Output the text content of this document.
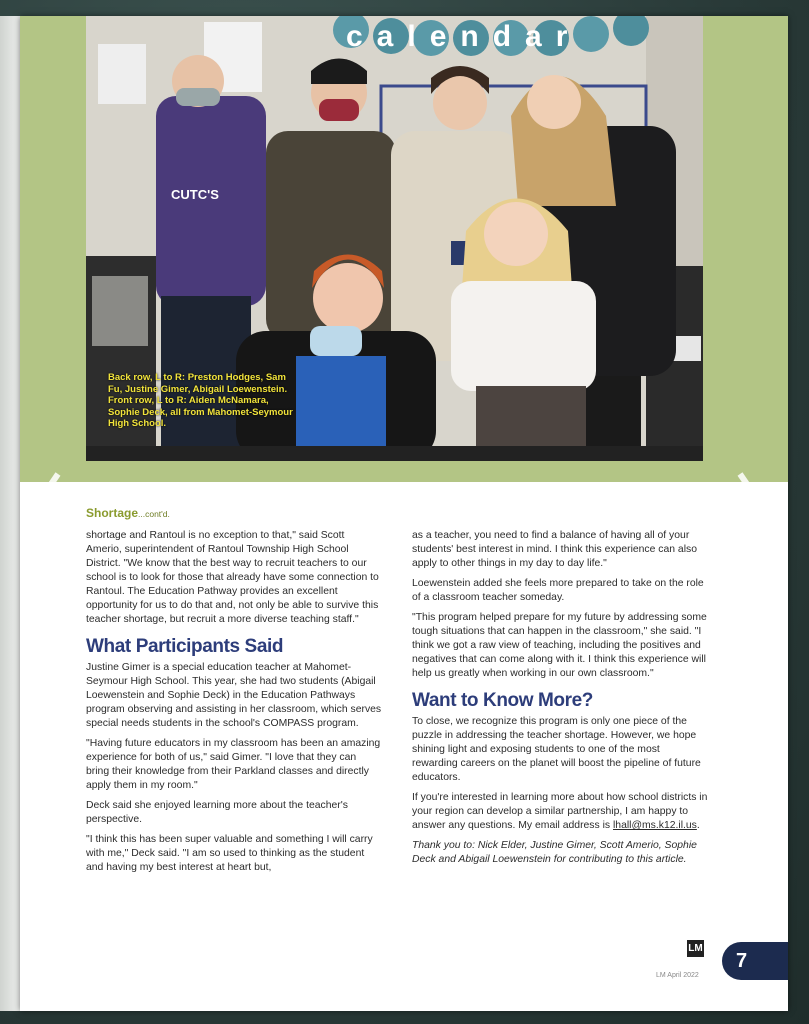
calendar
CUTC'S
Back row, L to R: Preston Hodges, Sam Fu, Justine Gimer, Abigail Loewenstein. Front row, L to R: Aiden McNamara, Sophie Deck, all from Mahomet-Seymour High School.
Shortage...cont'd.

shortage and Rantoul is no exception to that," said Scott Amerio, superintendent of Rantoul Township High School District. "We know that the best way to recruit teachers to our school is to look for those that already have some connection to Rantoul. The Education Pathway provides an excellent opportunity for us to do that and, not only be able to survive this teacher shortage, but recruit a more diverse teaching staff."

What Participants Said

Justine Gimer is a special education teacher at Mahomet-Seymour High School. This year, she had two students (Abigail Loewenstein and Sophie Deck) in the Education Pathways program observing and assisting in her classroom, which serves special needs students in the school's COMPASS program.

"Having future educators in my classroom has been an amazing experience for both of us," said Gimer. "I love that they can bring their knowledge from their Parkland classes and directly apply them in my room."

Deck said she enjoyed learning more about the teacher's perspective.

"I think this has been super valuable and something I will carry with me," Deck said. "I am so used to thinking as the student and having my best interest at heart but,

as a teacher, you need to find a balance of having all of your students' best interest in mind. I think this experience can also apply to other things in my day to day life."

Loewenstein added she feels more prepared to take on the role of a classroom teacher someday.

"This program helped prepare for my future by addressing some tough situations that can happen in the classroom," she said. "I think we got a raw view of teaching, including the positives and negatives that can come along with it. I think this experience will help us greatly when working in our own classroom."

Want to Know More?

To close, we recognize this program is only one piece of the puzzle in addressing the teacher shortage. However, we hope shining light and exposing students to one of the most rewarding careers on the planet will boost the pipeline of future educators.

If you're interested in learning more about how school districts in your region can develop a similar partnership, I am happy to answer any questions. My email address is lhall@ms.k12.il.us.

Thank you to: Nick Elder, Justine Gimer, Scott Amerio, Sophie Deck and Abigail Loewenstein for contributing to this article.

LM
7
LM April 2022
